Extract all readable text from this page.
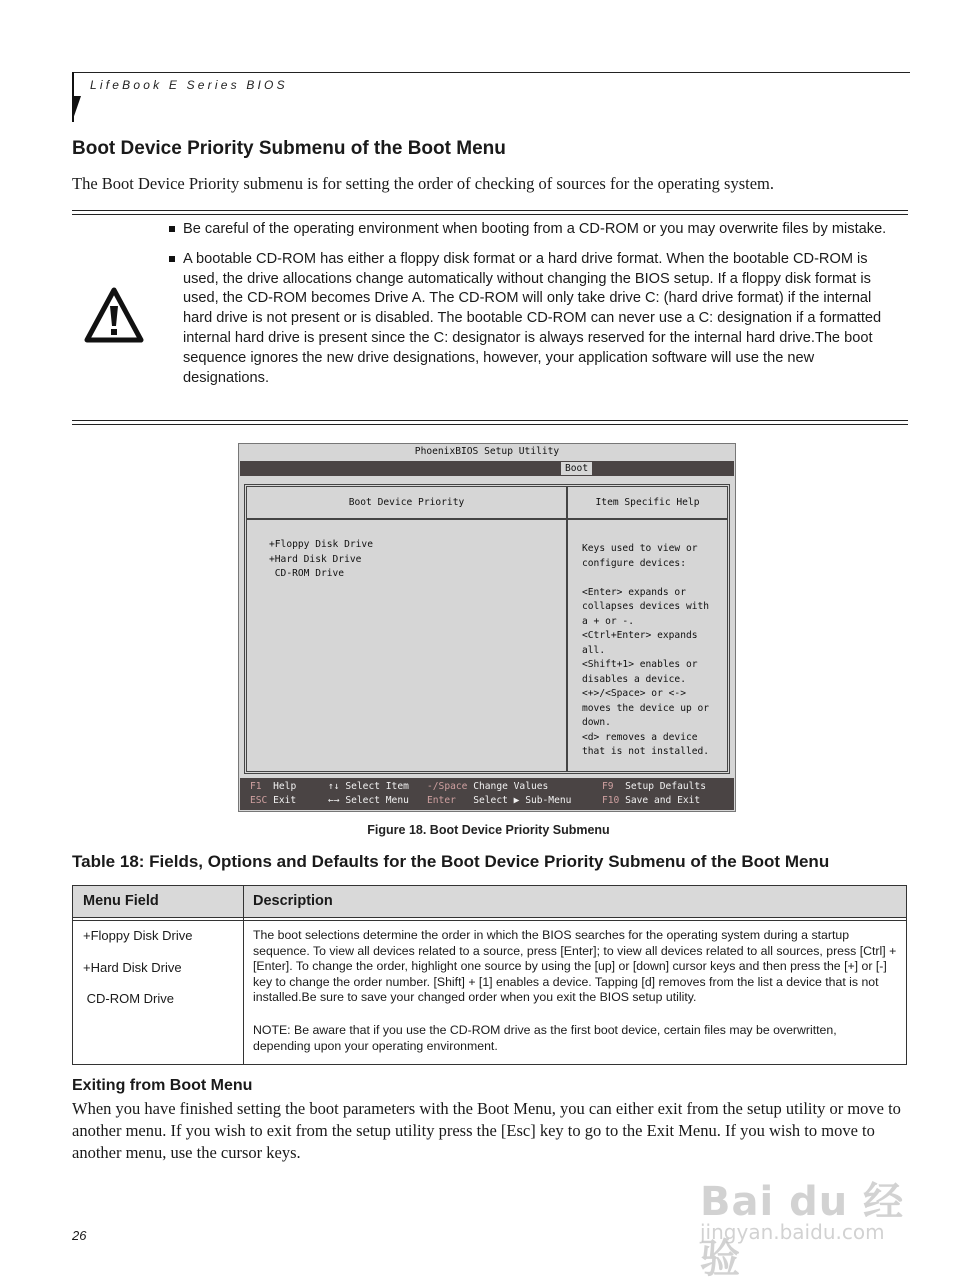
LifeBook E Series BIOS
Boot Device Priority Submenu of the Boot Menu
The Boot Device Priority submenu is for setting the order of checking of sources for the operating system.
Be careful of the operating environment when booting from a CD-ROM or you may overwrite files by mistake.
A bootable CD-ROM has either a floppy disk format or a hard drive format. When the bootable CD-ROM is used, the drive allocations change automatically without changing the BIOS setup. If a floppy disk format is used, the CD-ROM becomes Drive A. The CD-ROM will only take drive C: (hard drive format) if the internal hard drive is not present or is disabled. The bootable CD-ROM can never use a C: designation if a formatted internal hard drive is present since the C: designator is always reserved for the internal hard drive.The boot sequence ignores the new drive designations, however, your application software will use the new designations.
PhoenixBIOS Setup Utility
Boot
Boot Device Priority
+Floppy Disk Drive
+Hard Disk Drive
CD-ROM Drive
Item Specific Help
Keys used to view or
configure devices:

<Enter> expands or
collapses devices with
a + or -.
<Ctrl+Enter> expands
all.
<Shift+1> enables or
disables a device.
<+>/<Space> or <->
moves the device up or
down.
<d> removes a device
that is not installed.
F1 Help	↑↓ Select Item -/Space Change Values	F9 Setup Defaults
ESC Exit	←→ Select Menu Enter Select ▶ Sub-Menu	F10 Save and Exit
Figure 18. Boot Device Priority Submenu
Table 18: Fields, Options and Defaults for the Boot Device Priority Submenu of the Boot Menu
Menu Field	Description
+Floppy Disk Drive
+Hard Disk Drive
CD-ROM Drive
The boot selections determine the order in which the BIOS searches for the operating system during a startup sequence. To view all devices related to a source, press [Enter]; to view all devices related to all sources, press [Ctrl] + [Enter]. To change the order, highlight one source by using the [up] or [down] cursor keys and then press the [+] or [-] key to change the order number. [Shift] + [1] enables a device. Tapping [d] removes from the list a device that is not installed.Be sure to save your changed order when you exit the BIOS setup utility.
NOTE: Be aware that if you use the CD-ROM drive as the first boot device, certain files may be overwritten, depending upon your operating environment.
Exiting from Boot Menu
When you have finished setting the boot parameters with the Boot Menu, you can either exit from the setup utility or move to another menu. If you wish to exit from the setup utility press the [Esc] key to go to the Exit Menu. If you wish to move to another menu, use the cursor keys.
26
Bai du 经验
jingyan.baidu.com
